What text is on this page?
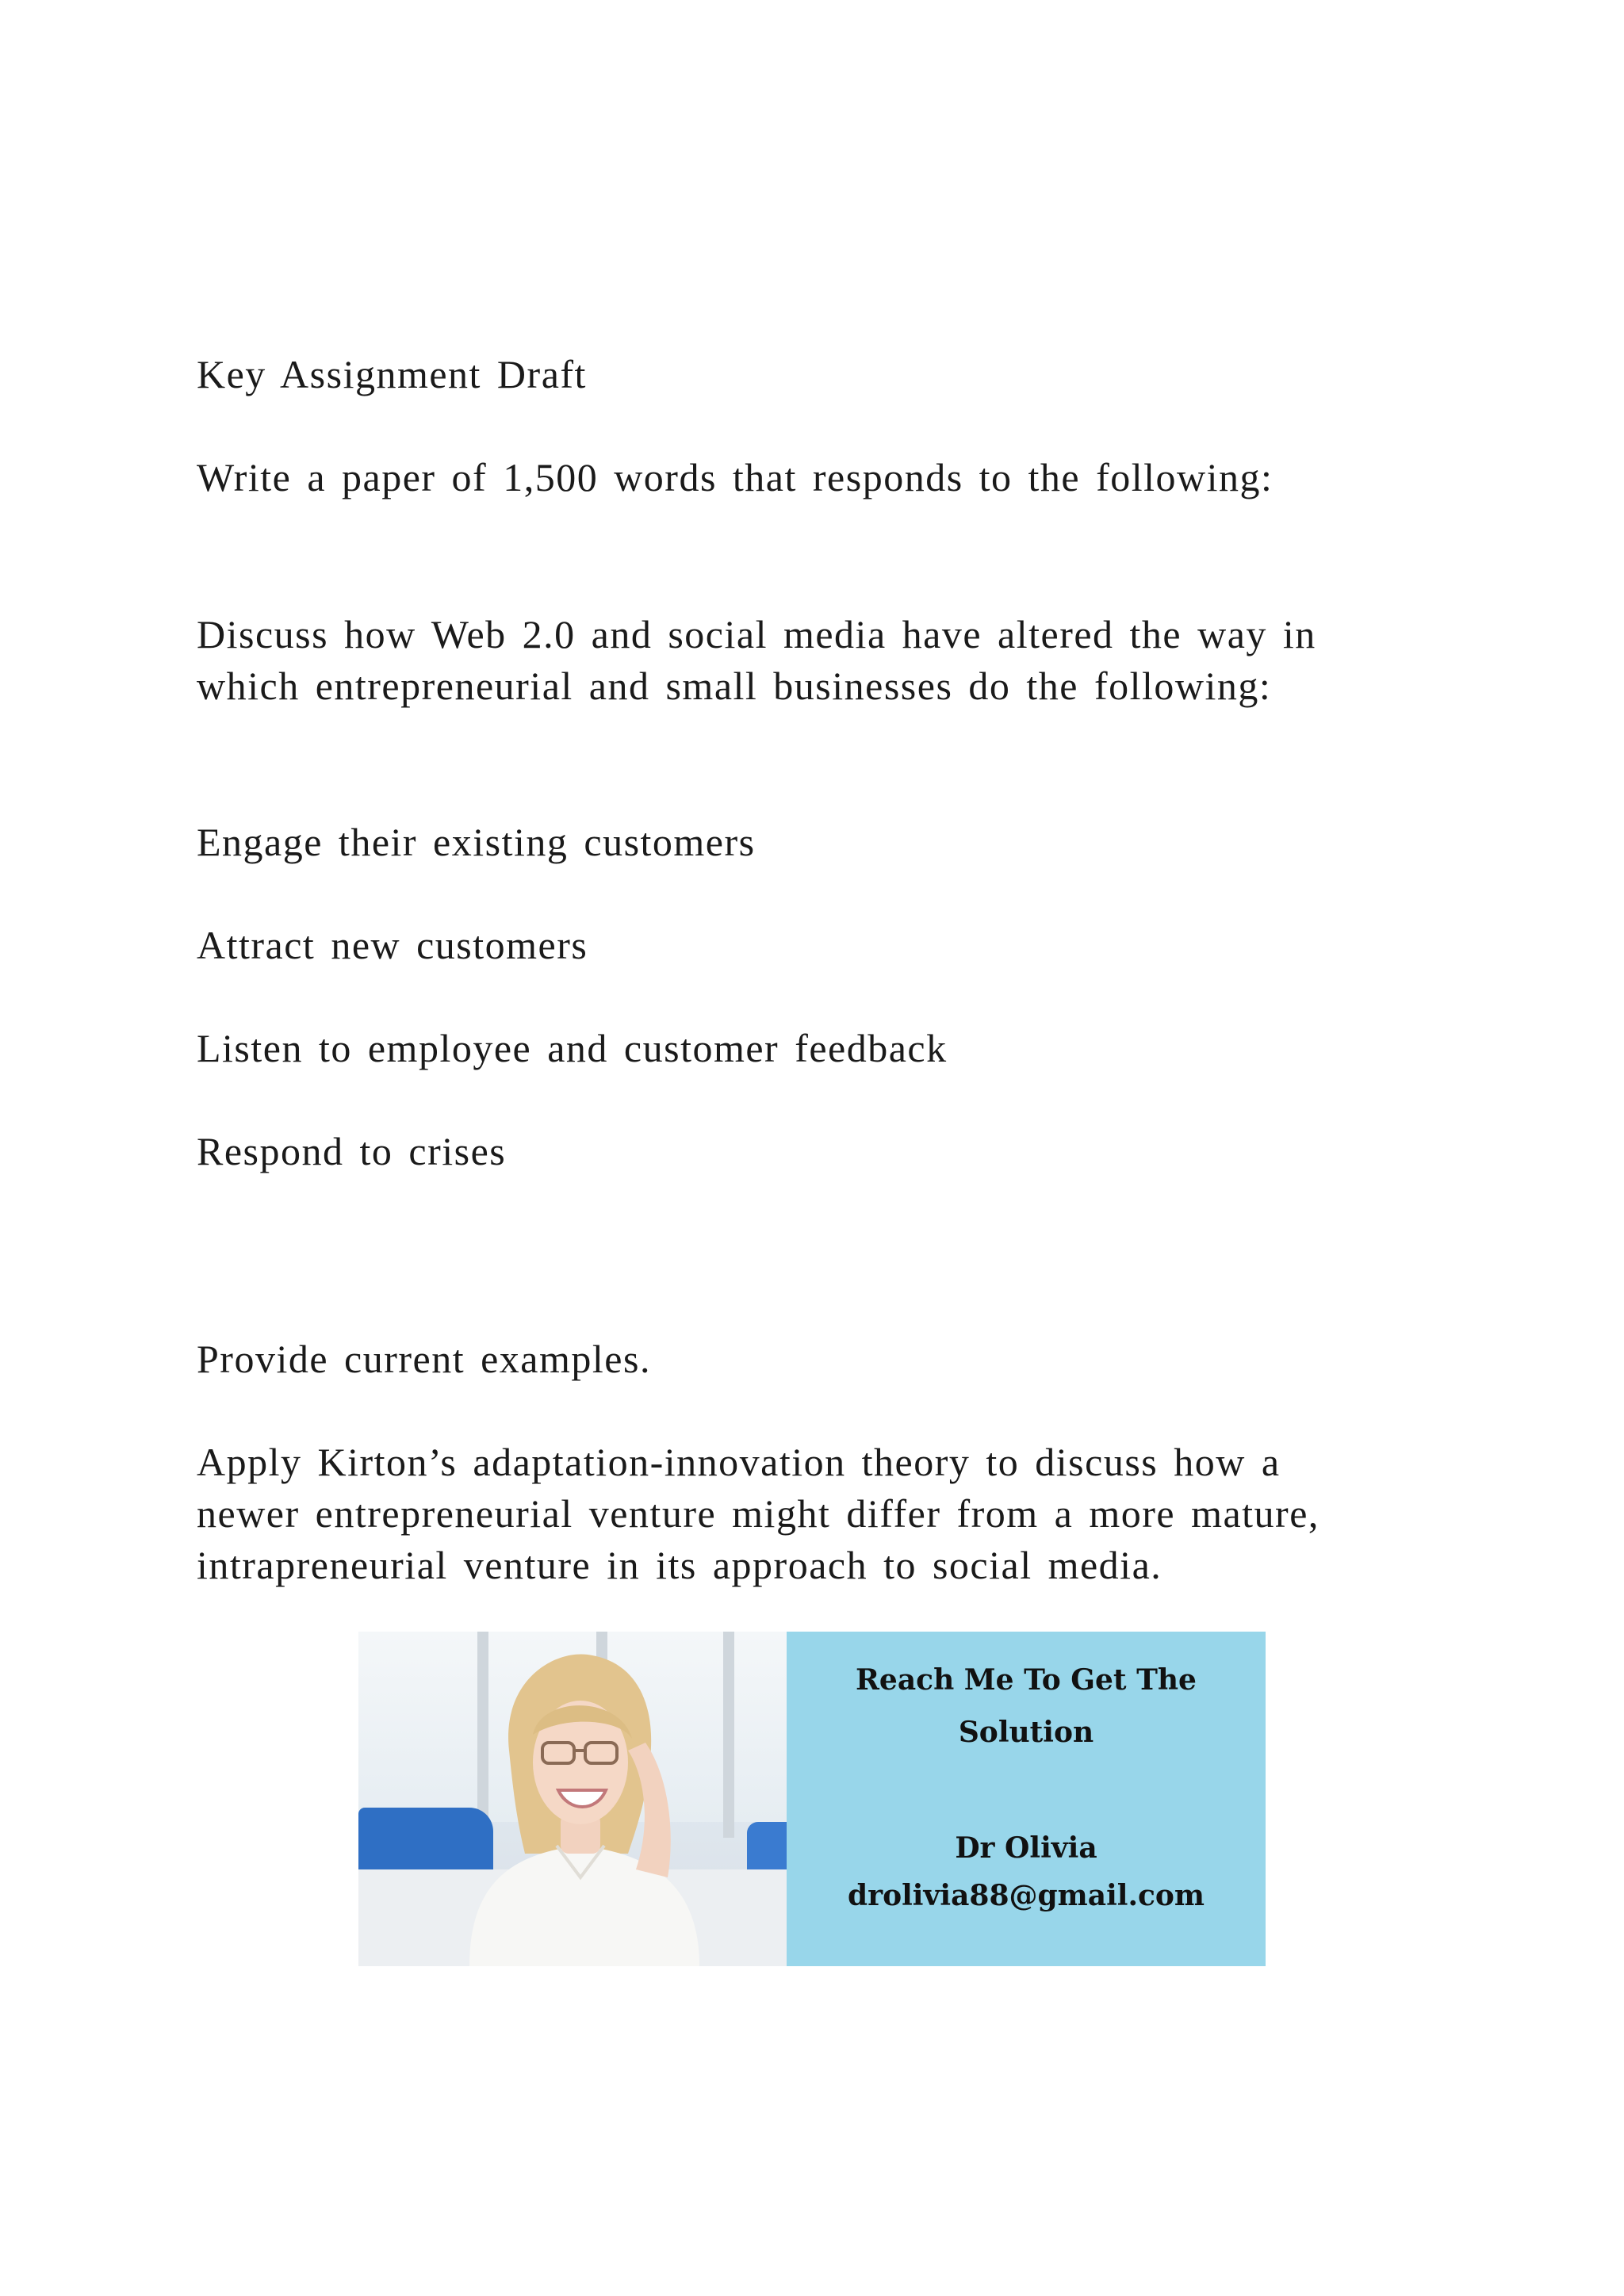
Key Assignment Draft
Write a paper of 1,500 words that responds to the following:
Discuss how Web 2.0 and social media have altered the way in
which entrepreneurial and small businesses do the following:
Engage their existing customers
Attract new customers
Listen to employee and customer feedback
Respond to crises
Provide current examples.
Apply Kirton’s adaptation-innovation theory to discuss how a
newer entrepreneurial venture might differ from a more mature,
intrapreneurial venture in its approach to social media.
Reach Me To Get The
Solution
Dr Olivia
drolivia88@gmail.com
